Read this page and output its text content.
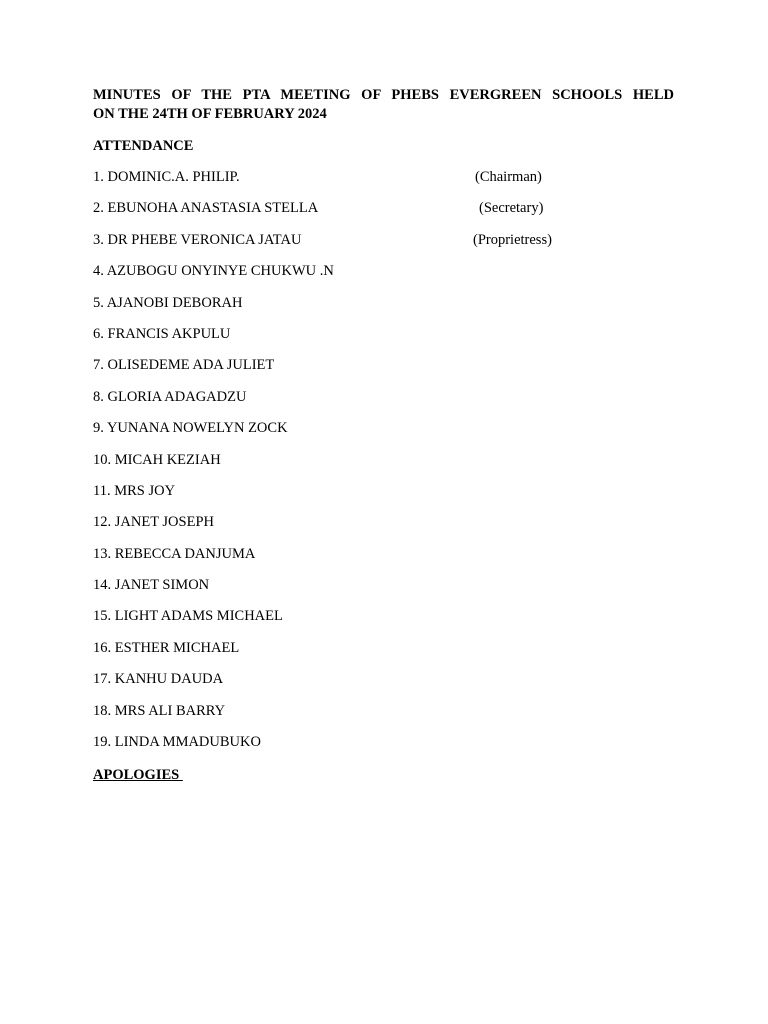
MINUTES OF THE PTA MEETING OF PHEBS EVERGREEN SCHOOLS HELD
ON THE 24TH OF FEBRUARY 2024
ATTENDANCE
1. DOMINIC.A. PHILIP.	(Chairman)
2. EBUNOHA ANASTASIA STELLA	(Secretary)
3. DR PHEBE VERONICA JATAU	(Proprietress)
4. AZUBOGU ONYINYE CHUKWU .N
5. AJANOBI DEBORAH
6. FRANCIS AKPULU
7. OLISEDEME ADA JULIET
8. GLORIA ADAGADZU
9. YUNANA NOWELYN ZOCK
10. MICAH KEZIAH
11. MRS JOY
12. JANET JOSEPH
13. REBECCA DANJUMA
14. JANET SIMON
15. LIGHT ADAMS MICHAEL
16. ESTHER MICHAEL
17. KANHU DAUDA
18. MRS ALI BARRY
19. LINDA MMADUBUKO
APOLOGIES
